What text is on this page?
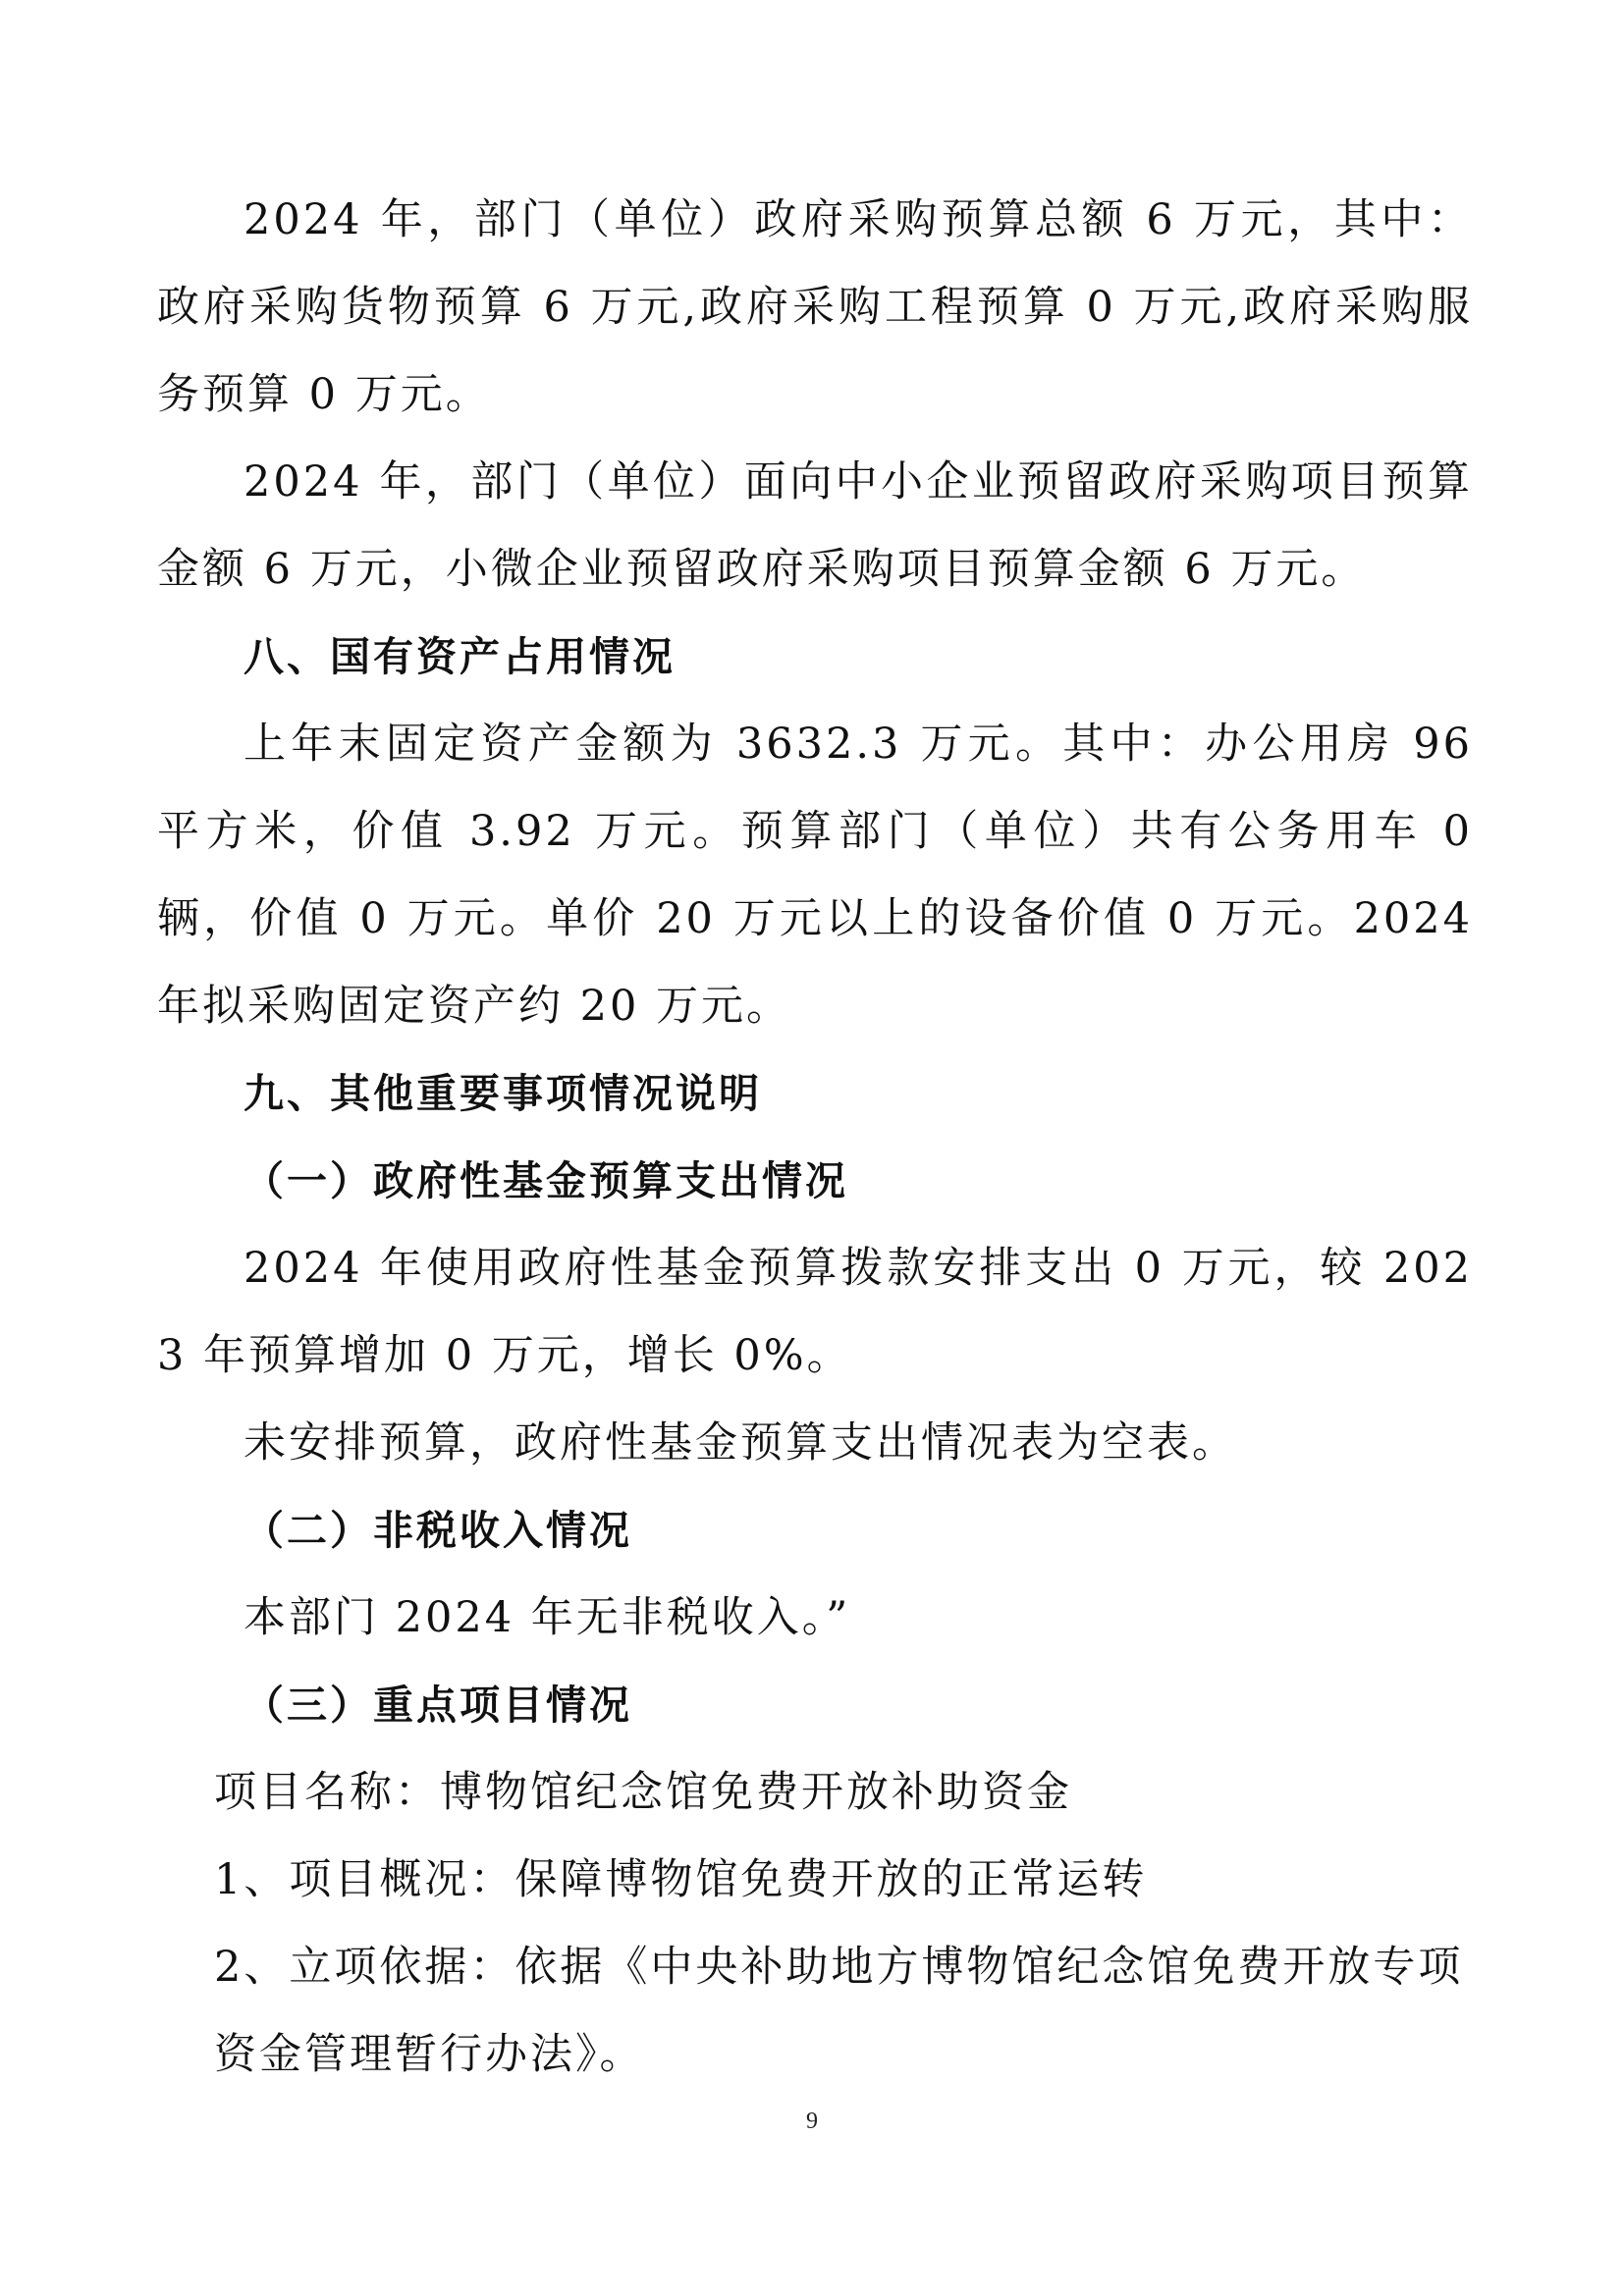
2024 年，部门（单位）政府采购预算总额 6 万元，其中：政府采购货物预算 6 万元,政府采购工程预算 0 万元,政府采购服务预算 0 万元。

2024 年，部门（单位）面向中小企业预留政府采购项目预算金额 6 万元，小微企业预留政府采购项目预算金额 6 万元。

八、国有资产占用情况

上年末固定资产金额为 3632.3 万元。其中：办公用房 96 平方米，价值 3.92 万元。预算部门（单位）共有公务用车 0 辆，价值 0 万元。单价 20 万元以上的设备价值 0 万元。2024 年拟采购固定资产约 20 万元。

九、其他重要事项情况说明

（一）政府性基金预算支出情况

2024 年使用政府性基金预算拨款安排支出 0 万元，较 2023 年预算增加 0 万元，增长 0%。

未安排预算，政府性基金预算支出情况表为空表。

（二）非税收入情况

本部门 2024 年无非税收入。”

（三）重点项目情况

项目名称：博物馆纪念馆免费开放补助资金

1、项目概况：保障博物馆免费开放的正常运转

2、立项依据：依据《中央补助地方博物馆纪念馆免费开放专项资金管理暂行办法》。

9
